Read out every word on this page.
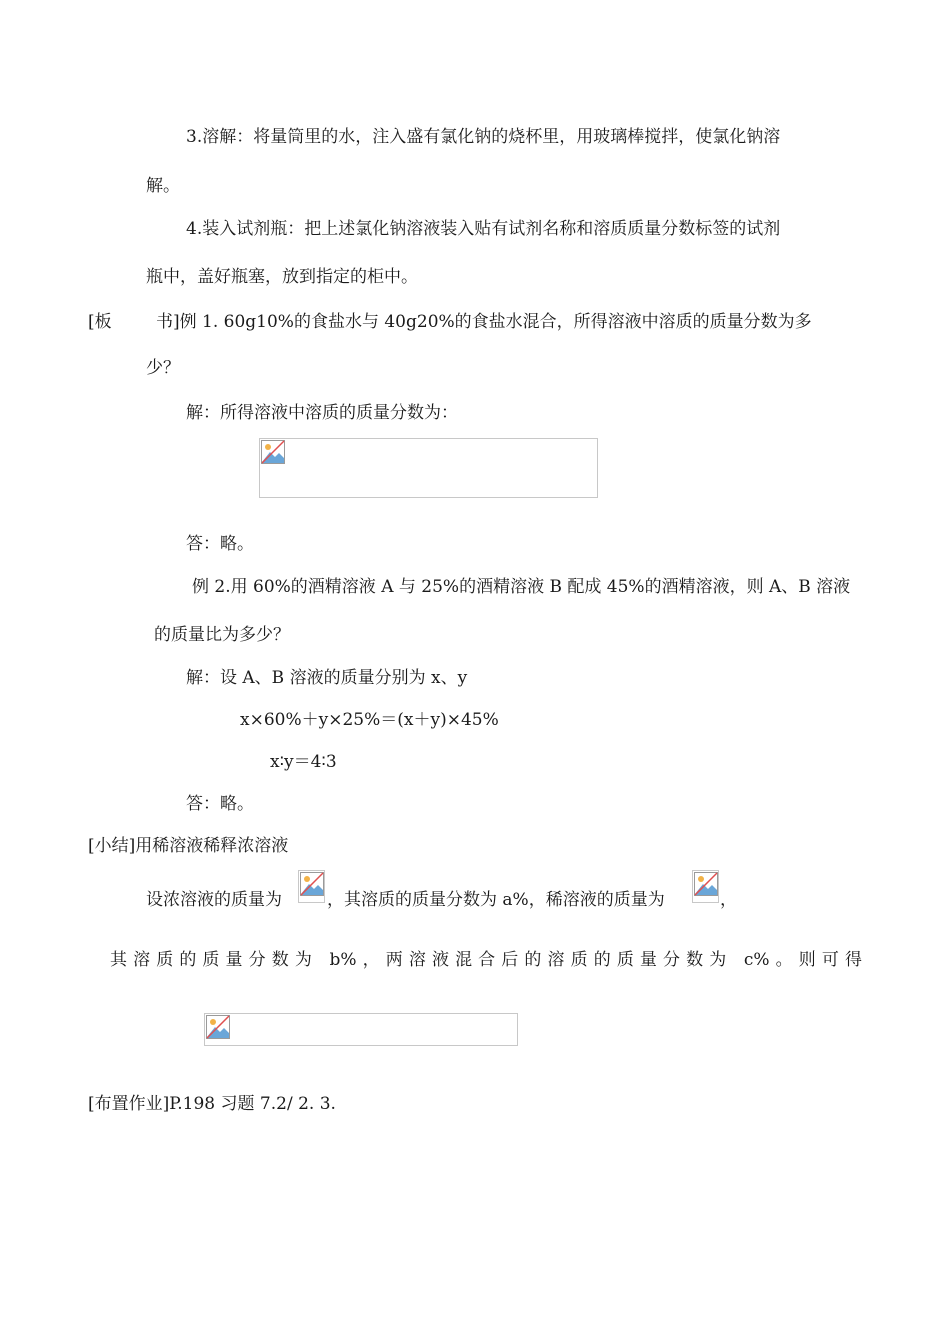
3.溶解：将量筒里的水，注入盛有氯化钠的烧杯里，用玻璃棒搅拌，使氯化钠溶
解。
4.装入试剂瓶：把上述氯化钠溶液装入贴有试剂名称和溶质质量分数标签的试剂
瓶中，盖好瓶塞，放到指定的柜中。
[板	书]例 1. 60g10%的食盐水与 40g20%的食盐水混合，所得溶液中溶质的质量分数为多
少？
解：所得溶液中溶质的质量分数为：
答：略。
例 2.用 60%的酒精溶液 A 与 25%的酒精溶液 B 配成 45%的酒精溶液，则 A、B 溶液
的质量比为多少？
解：设 A、B 溶液的质量分别为 x、y
x×60%＋y×25%＝(x＋y)×45%
x∶y＝4∶3
答：略。
[小结]用稀溶液稀释浓溶液
设浓溶液的质量为	，其溶质的质量分数为 a%，稀溶液的质量为	，
其溶质的质量分数为 b%，两溶液混合后的溶质的质量分数为 c%。则可得
[布置作业]P.198 习题 7.2/ 2. 3.
